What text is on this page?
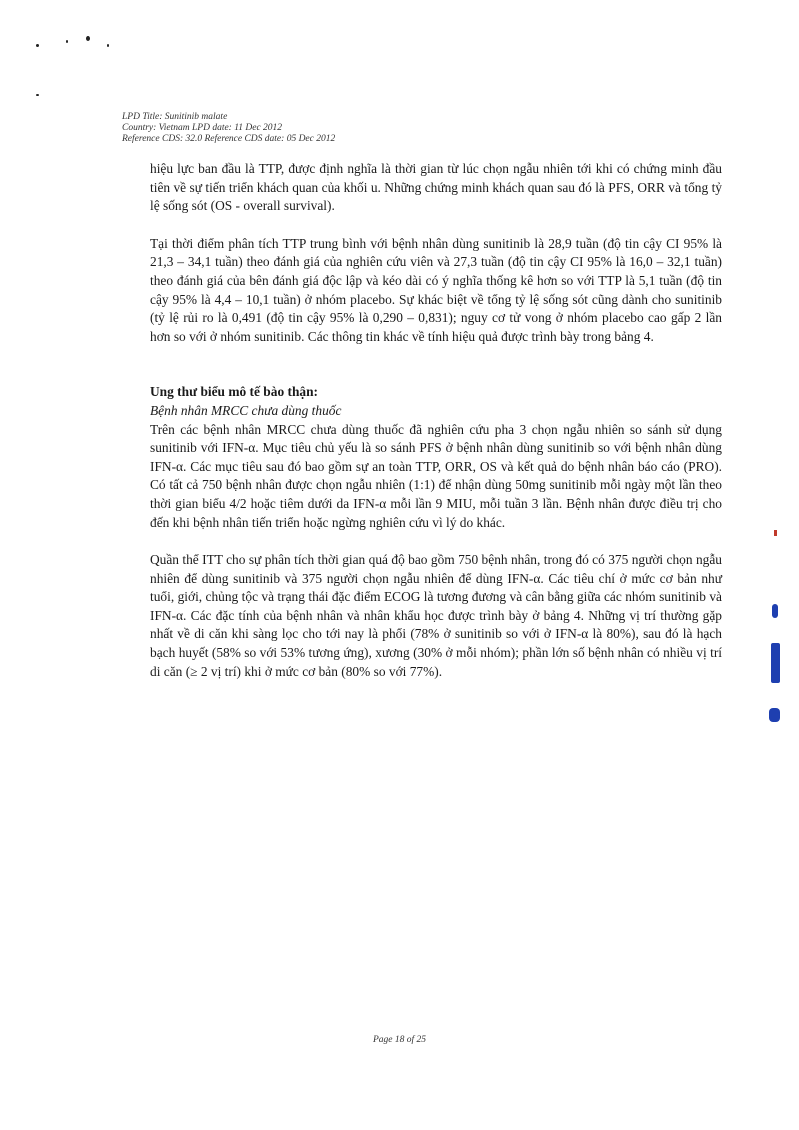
LPD Title: Sunitinib malate
Country: Vietnam LPD date: 11 Dec 2012
Reference CDS: 32.0 Reference CDS date: 05 Dec 2012

hiệu lực ban đầu là TTP, được định nghĩa là thời gian từ lúc chọn ngẫu nhiên tới khi có chứng minh đầu tiên về sự tiến triển khách quan của khối u. Những chứng minh khách quan sau đó là PFS, ORR và tổng tỷ lệ sống sót (OS - overall survival).

Tại thời điểm phân tích TTP trung bình với bệnh nhân dùng sunitinib là 28,9 tuần (độ tin cậy CI 95% là 21,3 – 34,1 tuần) theo đánh giá của nghiên cứu viên và 27,3 tuần (độ tin cậy CI 95% là 16,0 – 32,1 tuần) theo đánh giá của bên đánh giá độc lập và kéo dài có ý nghĩa thống kê hơn so với TTP là 5,1 tuần (độ tin cậy 95% là 4,4 – 10,1 tuần) ở nhóm placebo. Sự khác biệt về tổng tỷ lệ sống sót cũng dành cho sunitinib (tỷ lệ rủi ro là 0,491 (độ tin cậy 95% là 0,290 – 0,831); nguy cơ tử vong ở nhóm placebo cao gấp 2 lần hơn so với ở nhóm sunitinib. Các thông tin khác về tính hiệu quả được trình bày trong bảng 4.

Ung thư biểu mô tế bào thận:

Bệnh nhân MRCC chưa dùng thuốc

Trên các bệnh nhân MRCC chưa dùng thuốc đã nghiên cứu pha 3 chọn ngẫu nhiên so sánh sử dụng sunitinib với IFN-α. Mục tiêu chủ yếu là so sánh PFS ở bệnh nhân dùng sunitinib so với bệnh nhân dùng IFN-α. Các mục tiêu sau đó bao gồm sự an toàn TTP, ORR, OS và kết quả do bệnh nhân báo cáo (PRO). Có tất cả 750 bệnh nhân được chọn ngẫu nhiên (1:1) để nhận dùng 50mg sunitinib mỗi ngày một lần theo thời gian biểu 4/2 hoặc tiêm dưới da IFN-α mỗi lần 9 MIU, mỗi tuần 3 lần. Bệnh nhân được điều trị cho đến khi bệnh nhân tiến triển hoặc ngừng nghiên cứu vì lý do khác.

Quần thể ITT cho sự phân tích thời gian quá độ bao gồm 750 bệnh nhân, trong đó có 375 người chọn ngẫu nhiên để dùng sunitinib và 375 người chọn ngẫu nhiên để dùng IFN-α. Các tiêu chí ở mức cơ bản như tuổi, giới, chủng tộc và trạng thái đặc điểm ECOG là tương đương và cân bằng giữa các nhóm sunitinib và IFN-α. Các đặc tính của bệnh nhân và nhân khẩu học được trình bày ở bảng 4. Những vị trí thường gặp nhất về di căn khi sàng lọc cho tới nay là phổi (78% ở sunitinib so với ở IFN-α là 80%), sau đó là hạch bạch huyết (58% so với 53% tương ứng), xương (30% ở mỗi nhóm); phần lớn số bệnh nhân có nhiều vị trí di căn (≥ 2 vị trí) khi ở mức cơ bản (80% so với 77%).

Page 18 of 25
